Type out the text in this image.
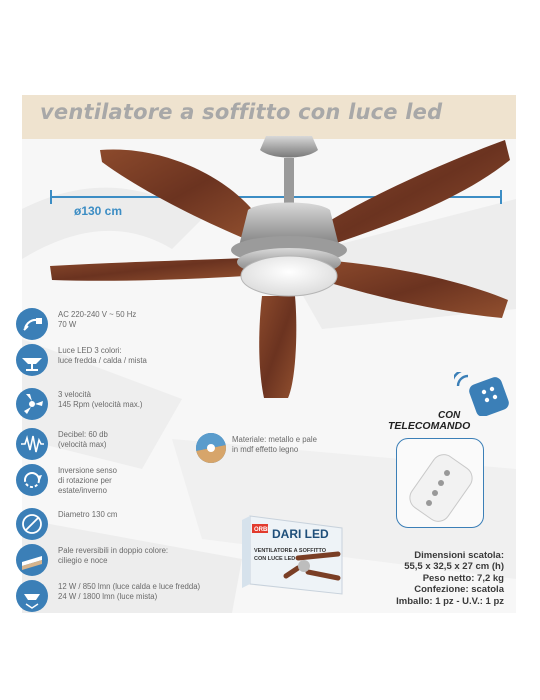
ventilatore a soffitto con luce led
ø130 cm
AC 220-240 V ~ 50 Hz
70 W
Luce LED 3 colori:
luce fredda / calda / mista
3 velocità
145 Rpm (velocità max.)
Decibel: 60 db
(velocità max)
Inversione senso
di rotazione per
estate/inverno
Diametro 130 cm
Pale reversibili in doppio colore:
ciliegio e noce
12 W / 850 lmn (luce calda e luce fredda)
24 W / 1800 lmn (luce mista)
Materiale: metallo e pale
in mdf effetto legno
CON
TELECOMANDO
ORBI DARI LED
VENTILATORE A SOFFITTO
CON LUCE LED	Dimensioni scatola:
55,5 x 32,5 x 27 cm (h)
Peso netto: 7,2 kg
Confezione: scatola
Imballo: 1 pz - U.V.: 1 pz
